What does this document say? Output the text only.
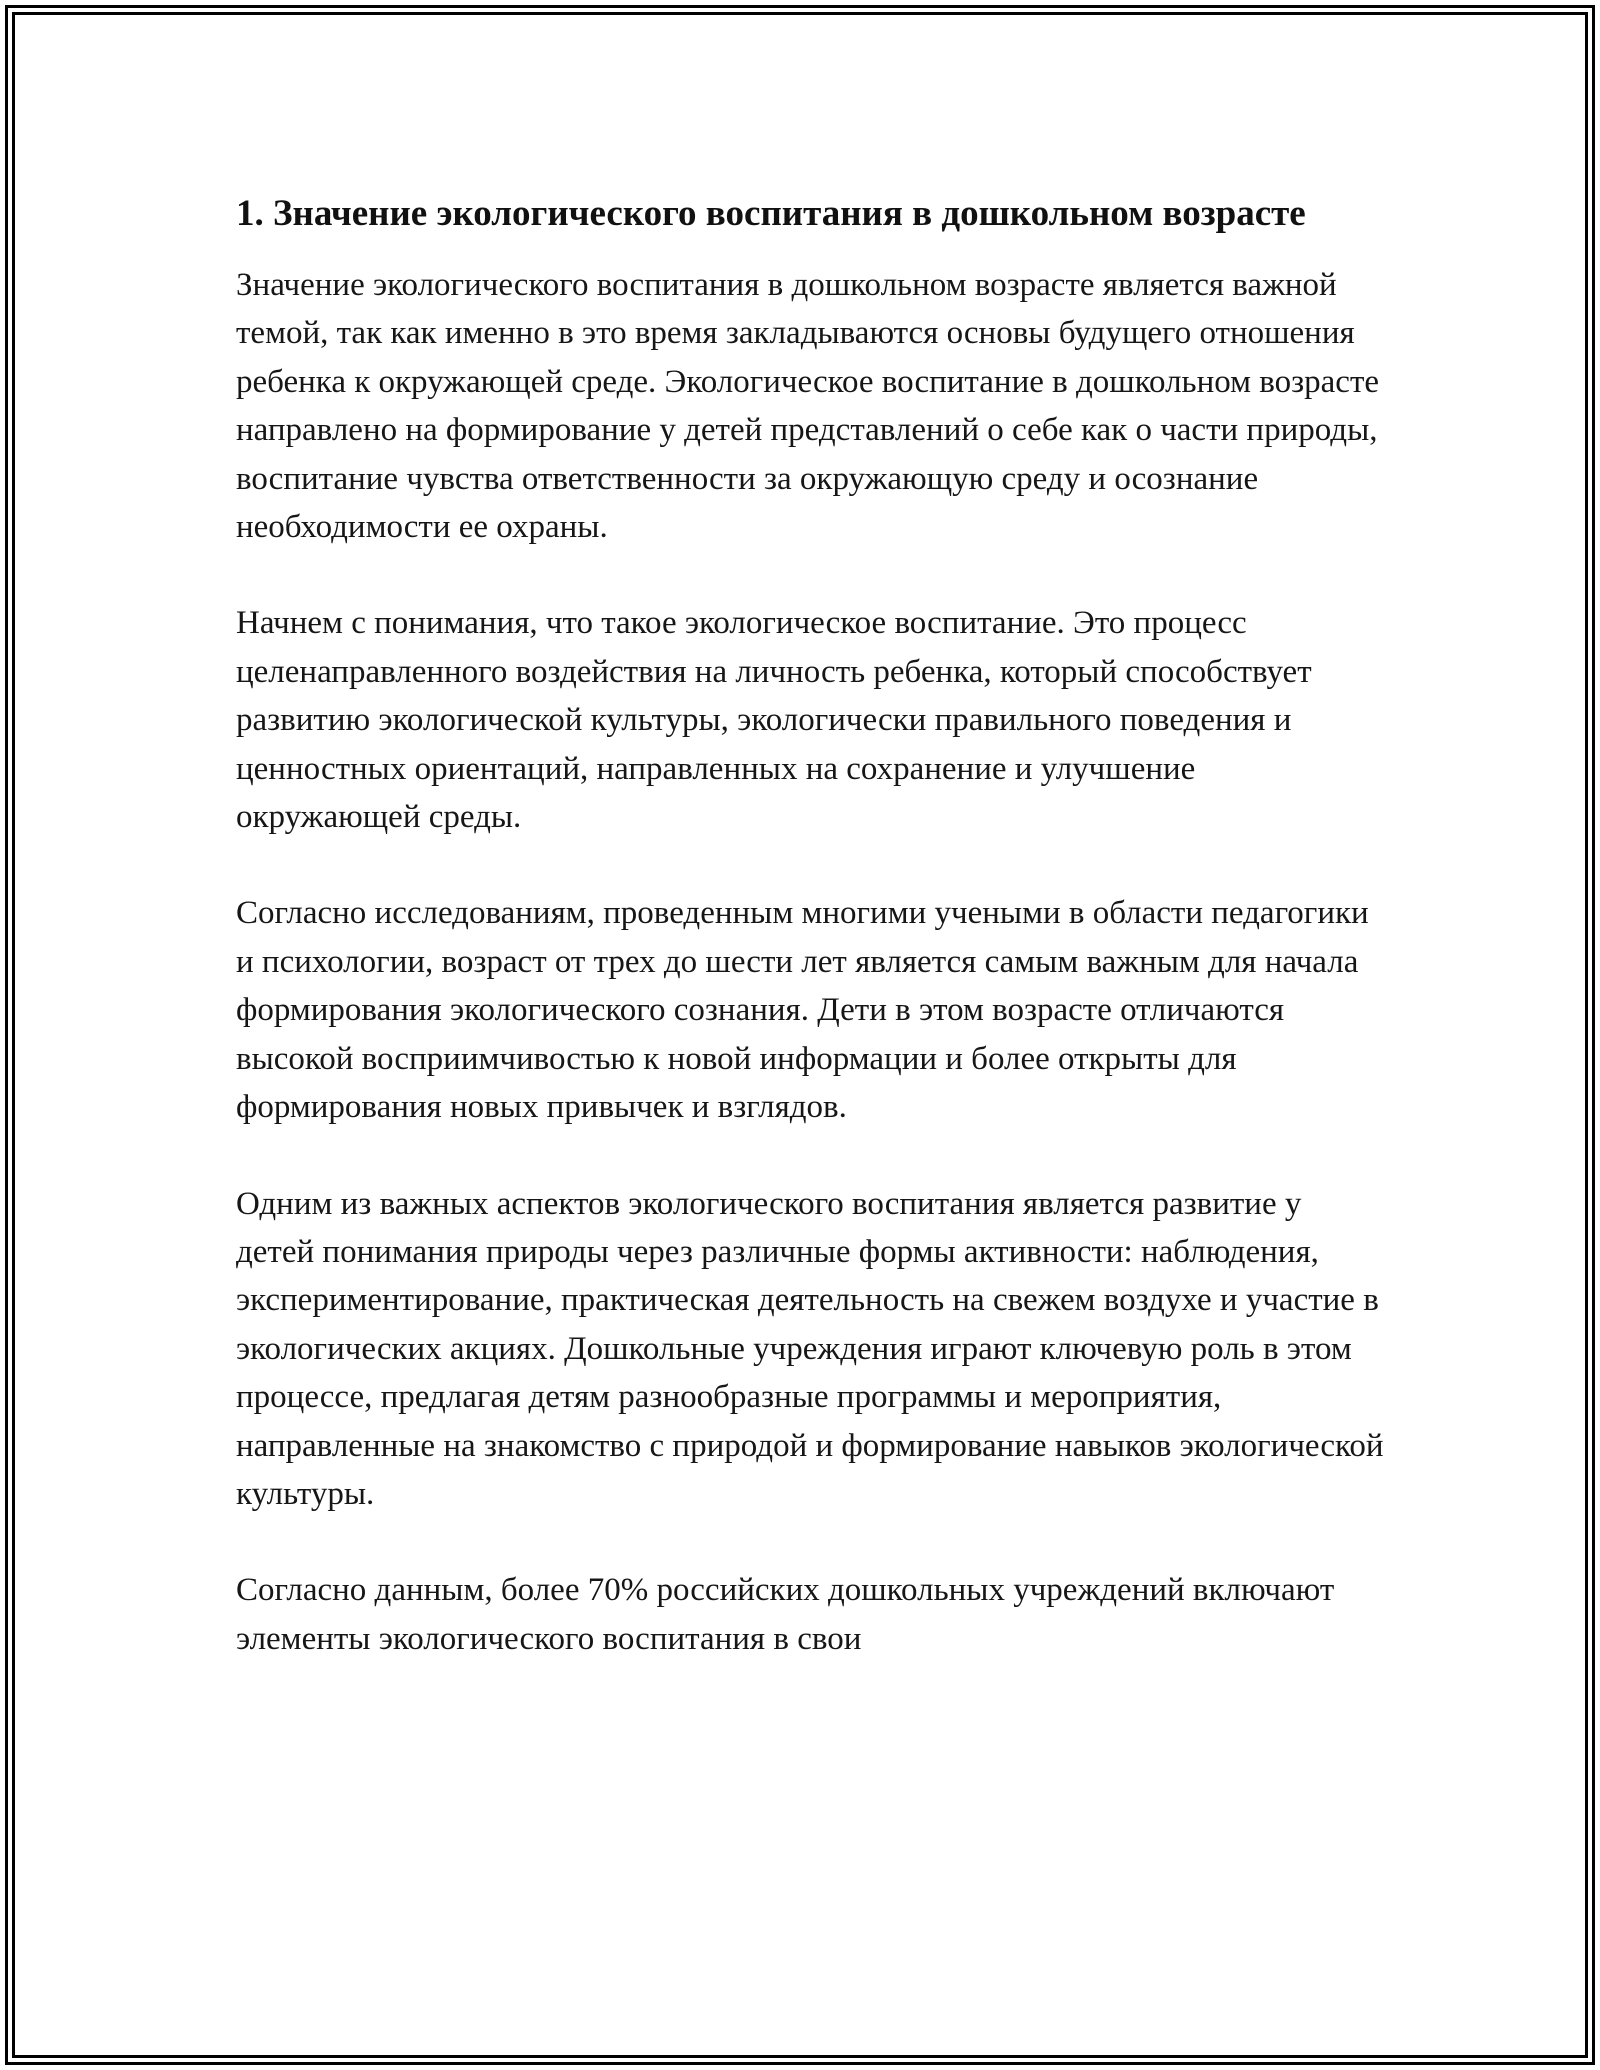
1. Значение экологического воспитания в дошкольном возрасте

Значение экологического воспитания в дошкольном возрасте является важной темой, так как именно в это время закладываются основы будущего отношения ребенка к окружающей среде. Экологическое воспитание в дошкольном возрасте направлено на формирование у детей представлений о себе как о части природы, воспитание чувства ответственности за окружающую среду и осознание необходимости ее охраны.

Начнем с понимания, что такое экологическое воспитание. Это процесс целенаправленного воздействия на личность ребенка, который способствует развитию экологической культуры, экологически правильного поведения и ценностных ориентаций, направленных на сохранение и улучшение окружающей среды.

Согласно исследованиям, проведенным многими учеными в области педагогики и психологии, возраст от трех до шести лет является самым важным для начала формирования экологического сознания. Дети в этом возрасте отличаются высокой восприимчивостью к новой информации и более открыты для формирования новых привычек и взглядов.

Одним из важных аспектов экологического воспитания является развитие у детей понимания природы через различные формы активности: наблюдения, экспериментирование, практическая деятельность на свежем воздухе и участие в экологических акциях. Дошкольные учреждения играют ключевую роль в этом процессе, предлагая детям разнообразные программы и мероприятия, направленные на знакомство с природой и формирование навыков экологической культуры.

Согласно данным, более 70% российских дошкольных учреждений включают элементы экологического воспитания в свои
